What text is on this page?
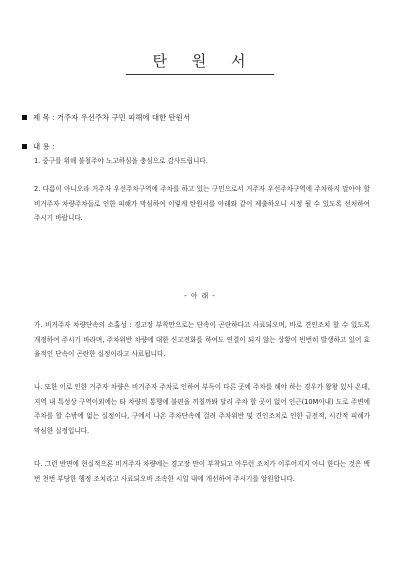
탄 원 서
제 목 : 거주자 우선주차 구민 피해에 대한 탄원서
내 용 :
1. 중구를 위해 불철주야 노고하심을 충심으로 감사드립니다.
2. 다름이 아니오라 거주자 우선주차구역에 주차를 하고 있는 구민으로서 거주자 우선주차구역에 주차하지 말아야 할 비거주자 차량주차들로 인한 피해가 막심하여 이렇게 탄원서를 아래와 같이 제출하오니 시정 될 수 있도록 선처하여 주시기 바랍니다.
- 아 래 -
가. 비거주자 차량단속의 소홀성 : 경고장 부착만으로는 단속이 곤란하다고 사료되오며, 바로 견인조치 할 수 있도록 개정하여 주시기 바라며, 주차위반 차량에 대한 신고전화를 하여도 연결이 되지 않는 상황이 빈번히 발생하고 있어 효율적인 단속이 곤란한 실정이라고 사료됩니다.
나. 또한 이로 인한 거주자 차량은 비거주자 주차로 인하여 부득이 다른 곳에 주차를 해야 하는 경우가 왕왕 있사 온데, 지역 내 특성상 구역이외에는 타 차량의 통행에 불편을 끼칠까봐 달리 주차 할 곳이 없어 인근(10M이내) 도로 주변에 주차를 할 수밖에 없는 실정이나, 구에서 나온 주차단속에 걸려 주차위반 및 견인조치로 인한 금전적, 시간적 피해가 막심한 실정입니다.
다. 그런 반면에 현실적으론 비거주자 차량에는 경고장 만이 부착되고 아무런 조치가 이루어지지 아니 한다는 것은 백번 천번 부당한 행정 조치라고 사료되오바 조속한 시일 내에 개선하여 주시기를 앙원합니다.
